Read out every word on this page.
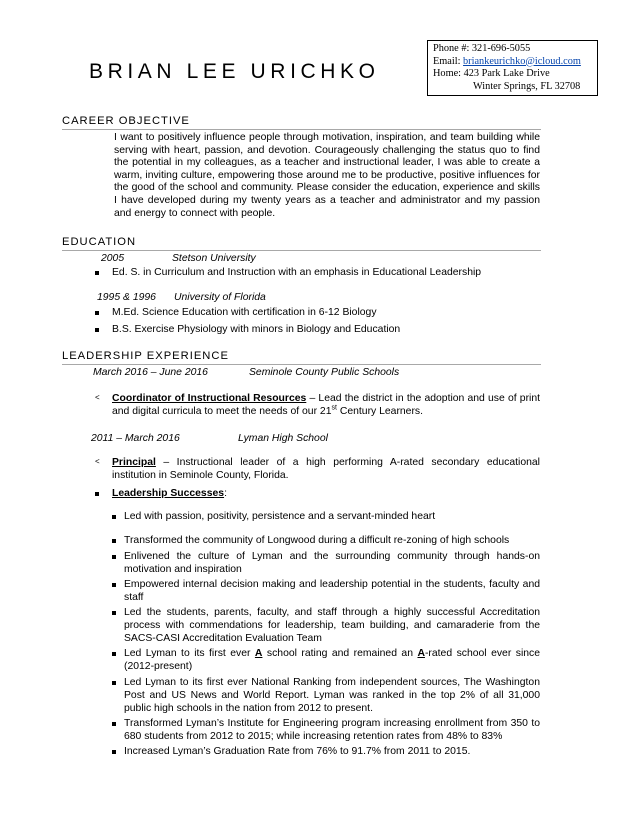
BRIAN LEE URICHKO
Phone #: 321-696-5055
Email: briankeurichko@icloud.com
Home: 423 Park Lake Drive
Winter Springs, FL 32708
CAREER OBJECTIVE
I want to positively influence people through motivation, inspiration, and team building while serving with heart, passion, and devotion. Courageously challenging the status quo to find the potential in my colleagues, as a teacher and instructional leader, I was able to create a warm, inviting culture, empowering those around me to be productive, positive influences for the good of the school and community. Please consider the education, experience and skills I have developed during my twenty years as a teacher and administrator and my passion and energy to connect with people.
EDUCATION
2005	Stetson University
Ed. S. in Curriculum and Instruction with an emphasis in Educational Leadership
1995 & 1996 University of Florida
M.Ed. Science Education with certification in 6-12 Biology
B.S. Exercise Physiology with minors in Biology and Education
LEADERSHIP EXPERIENCE
March 2016 – June 2016	Seminole County Public Schools
˂ Coordinator of Instructional Resources – Lead the district in the adoption and use of print and digital curricula to meet the needs of our 21st Century Learners.
2011 – March 2016	Lyman High School
˂ Principal – Instructional leader of a high performing A-rated secondary educational institution in Seminole County, Florida.
Leadership Successes:
Led with passion, positivity, persistence and a servant-minded heart
Transformed the community of Longwood during a difficult re-zoning of high schools
Enlivened the culture of Lyman and the surrounding community through hands-on motivation and inspiration
Empowered internal decision making and leadership potential in the students, faculty and staff
Led the students, parents, faculty, and staff through a highly successful Accreditation process with commendations for leadership, team building, and camaraderie from the SACS-CASI Accreditation Evaluation Team
Led Lyman to its first ever A school rating and remained an A-rated school ever since (2012-present)
Led Lyman to its first ever National Ranking from independent sources, The Washington Post and US News and World Report. Lyman was ranked in the top 2% of all 31,000 public high schools in the nation from 2012 to present.
Transformed Lyman’s Institute for Engineering program increasing enrollment from 350 to 680 students from 2012 to 2015; while increasing retention rates from 48% to 83%
Increased Lyman’s Graduation Rate from 76% to 91.7% from 2011 to 2015.
